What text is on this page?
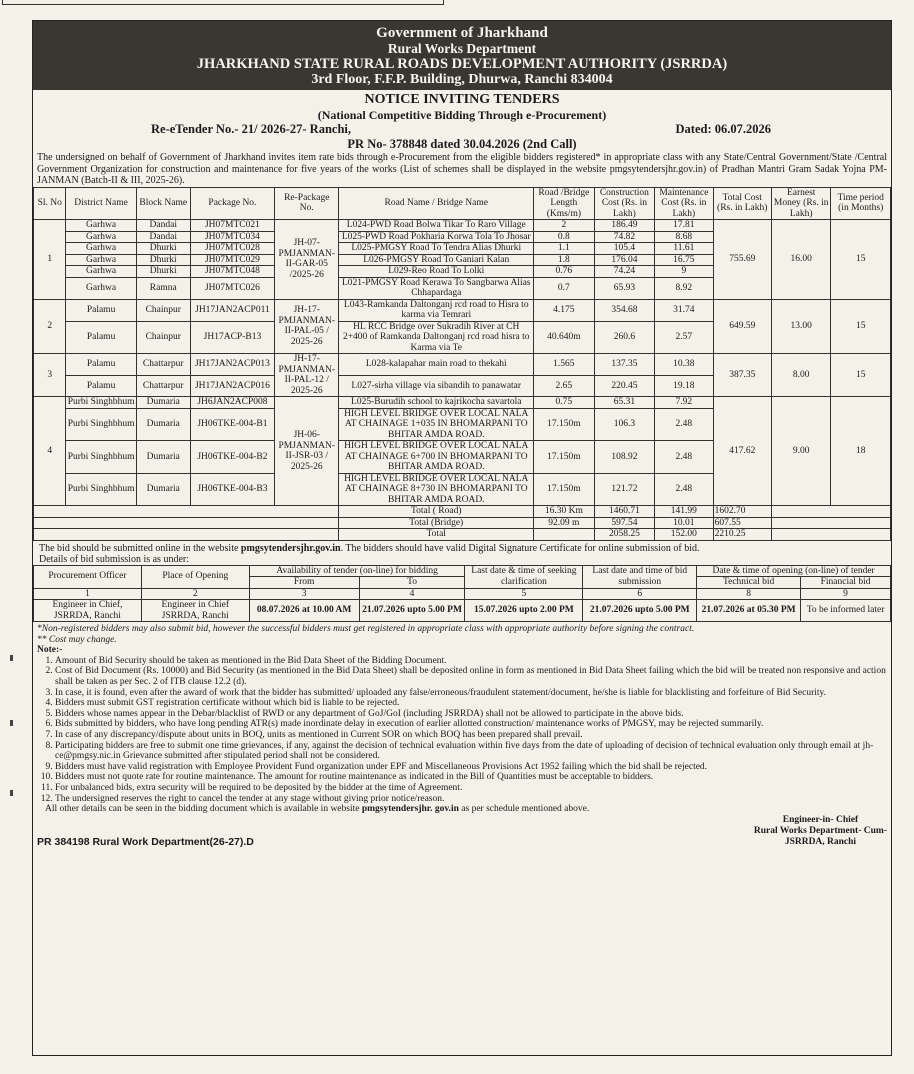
Government of Jharkhand
Rural Works Department
JHARKHAND STATE RURAL ROADS DEVELOPMENT AUTHORITY (JSRRDA)
3rd Floor, F.F.P. Building, Dhurwa, Ranchi 834004
NOTICE INVITING TENDERS
(National Competitive Bidding Through e-Procurement)
Re-eTender No.- 21/ 2026-27- Ranchi,	Dated: 06.07.2026
PR No- 378848 dated 30.04.2026 (2nd Call)
The undersigned on behalf of Government of Jharkhand invites item rate bids through e-Procurement from the eligible bidders registered* in appropriate class with any State/Central Government/State /Central Government Organization for construction and maintenance for five years of the works (List of schemes shall be displayed in the website pmgsytendersjhr.gov.in) of Pradhan Mantri Gram Sadak Yojna PM-JANMAN (Batch-II & III, 2025-26).
Sl. No	District Name	Block Name	Package No.	Re-Package No.	Road Name / Bridge Name	Road /Bridge Length (Kms/m)	Construction Cost (Rs. in Lakh)	Maintenance Cost (Rs. in Lakh)	Total Cost (Rs. in Lakh)	Earnest Money (Rs. in Lakh)	Time period (in Months)
1	Garhwa	Dandai	JH07MTC021	JH-07-PMJANMAN-II-GAR-05 /2025-26	L024-PWD Road Bolwa Tikar To Raro Village	2	186.49	17.81	755.69	16.00	15
	Garhwa	Dandai	JH07MTC034		L025-PWD Road Pokharia Korwa Tola To Jhosar	0.8	74.82	8.68			
	Garhwa	Dhurki	JH07MTC028		L025-PMGSY Road To Tendra Alias Dhurki	1.1	105.4	11.61			
	Garhwa	Dhurki	JH07MTC029		L026-PMGSY Road To Ganiari Kalan	1.8	176.04	16.75			
	Garhwa	Dhurki	JH07MTC048		L029-Reo Road To Lolki	0.76	74.24	9			
	Garhwa	Ramna	JH07MTC026		L021-PMGSY Road Kerawa To Sangbarwa Alias Chhapardaga	0.7	65.93	8.92			
2	Palamu	Chainpur	JH17JAN2ACP011	JH-17-PMJANMAN-II-PAL-05 / 2025-26	L043-Ramkanda Daltonganj rcd road to Hisra to karma via Temrari	4.175	354.68	31.74	649.59	13.00	15
	Palamu	Chainpur	JH17ACP-B13		HL RCC Bridge over Sukradih River at CH 2+400 of Ramkanda Daltonganj rcd road hisra to Karma via Te	40.640m	260.6	2.57			
3	Palamu	Chattarpur	JH17JAN2ACP013	JH-17-PMJANMAN-II-PAL-12 / 2025-26	L028-kalapahar main road to thekahi	1.565	137.35	10.38	387.35	8.00	15
	Palamu	Chattarpur	JH17JAN2ACP016		L027-sirha village via sibandih to panawatar	2.65	220.45	19.18			
4	Purbi Singhbhum	Dumaria	JH6JAN2ACP008	JH-06-PMJANMAN-II-JSR-03 / 2025-26	L025-Burudih school to kajrikocha savartola	0.75	65.31	7.92	417.62	9.00	18
	Purbi Singhbhum	Dumaria	JH06TKE-004-B1		HIGH LEVEL BRIDGE OVER LOCAL NALA AT CHAINAGE 1+035 IN BHOMARPANI TO BHITAR AMDA ROAD.	17.150m	106.3	2.48			
	Purbi Singhbhum	Dumaria	JH06TKE-004-B2		HIGH LEVEL BRIDGE OVER LOCAL NALA AT CHAINAGE 6+700 IN BHOMARPANI TO BHITAR AMDA ROAD.	17.150m	108.92	2.48			
	Purbi Singhbhum	Dumaria	JH06TKE-004-B3		HIGH LEVEL BRIDGE OVER LOCAL NALA AT CHAINAGE 8+730 IN BHOMARPANI TO BHITAR AMDA ROAD.	17.150m	121.72	2.48			
					Total ( Road)	16.30 Km	1460.71	141.99	1602.70		
					Total (Bridge)	92.09 m	597.54	10.01	607.55		
					Total		2058.25	152.00	2210.25		
The bid should be submitted online in the website pmgsytendersjhr.gov.in. The bidders should have valid Digital Signature Certificate for online submission of bid.
Details of bid submission is as under:
Procurement Officer	Place of Opening	Availability of tender (on-line) for bidding		Last date & time of seeking clarification	Last date and time of bid submission	Date & time of opening (on-line) of tender	
		From	To			Technical bid	Financial bid
1	2	3	4	5	6	8	9
Engineer in Chief, JSRRDA, Ranchi	Engineer in Chief JSRRDA, Ranchi	08.07.2026 at 10.00 AM	21.07.2026 upto 5.00 PM	15.07.2026 upto 2.00 PM	21.07.2026 upto 5.00 PM	21.07.2026 at 05.30 PM	To be informed later
*Non-registered bidders may also submit bid, however the successful bidders must get registered in appropriate class with appropriate authority before signing the contract.
** Cost may change.
Note:-
1. Amount of Bid Security should be taken as mentioned in the Bid Data Sheet of the Bidding Document.
2. Cost of Bid Document (Rs. 10000) and Bid Security (as mentioned in the Bid Data Sheet) shall be deposited online in form as mentioned in Bid Data Sheet failing which the bid will be treated non responsive and action shall be taken as per Sec. 2 of ITB clause 12.2 (d).
3. In case, it is found, even after the award of work that the bidder has submitted/ uploaded any false/erroneous/fraudulent statement/document, he/she is liable for blacklisting and forfeiture of Bid Security.
4. Bidders must submit GST registration certificate without which bid is liable to be rejected.
5. Bidders whose names appear in the Debar/blacklist of RWD or any department of GoJ/GoI (including JSRRDA) shall not be allowed to participate in the above bids.
6. Bids submitted by bidders, who have long pending ATR(s) made inordinate delay in execution of earlier allotted construction/ maintenance works of PMGSY, may be rejected summarily.
7. In case of any discrepancy/dispute about units in BOQ, units as mentioned in Current SOR on which BOQ has been prepared shall prevail.
8. Participating bidders are free to submit one time grievances, if any, against the decision of technical evaluation within five days from the date of uploading of decision of technical evaluation only through email at jh-ce@pmgsy.nic.in Grievance submitted after stipulated period shall not be considered.
9. Bidders must have valid registration with Employee Provident Fund organization under EPF and Miscellaneous Provisions Act 1952 failing which the bid shall be rejected.
10. Bidders must not quote rate for routine maintenance. The amount for routine maintenance as indicated in the Bill of Quantities must be acceptable to bidders.
11. For unbalanced bids, extra security will be required to be deposited by the bidder at the time of Agreement.
12. The undersigned reserves the right to cancel the tender at any stage without giving prior notice/reason.
All other details can be seen in the bidding document which is available in website pmgsytendersjhr. gov.in as per schedule mentioned above.
PR 384198 Rural Work Department(26-27).D
Engineer-in- Chief
Rural Works Department- Cum-
JSRRDA, Ranchi
